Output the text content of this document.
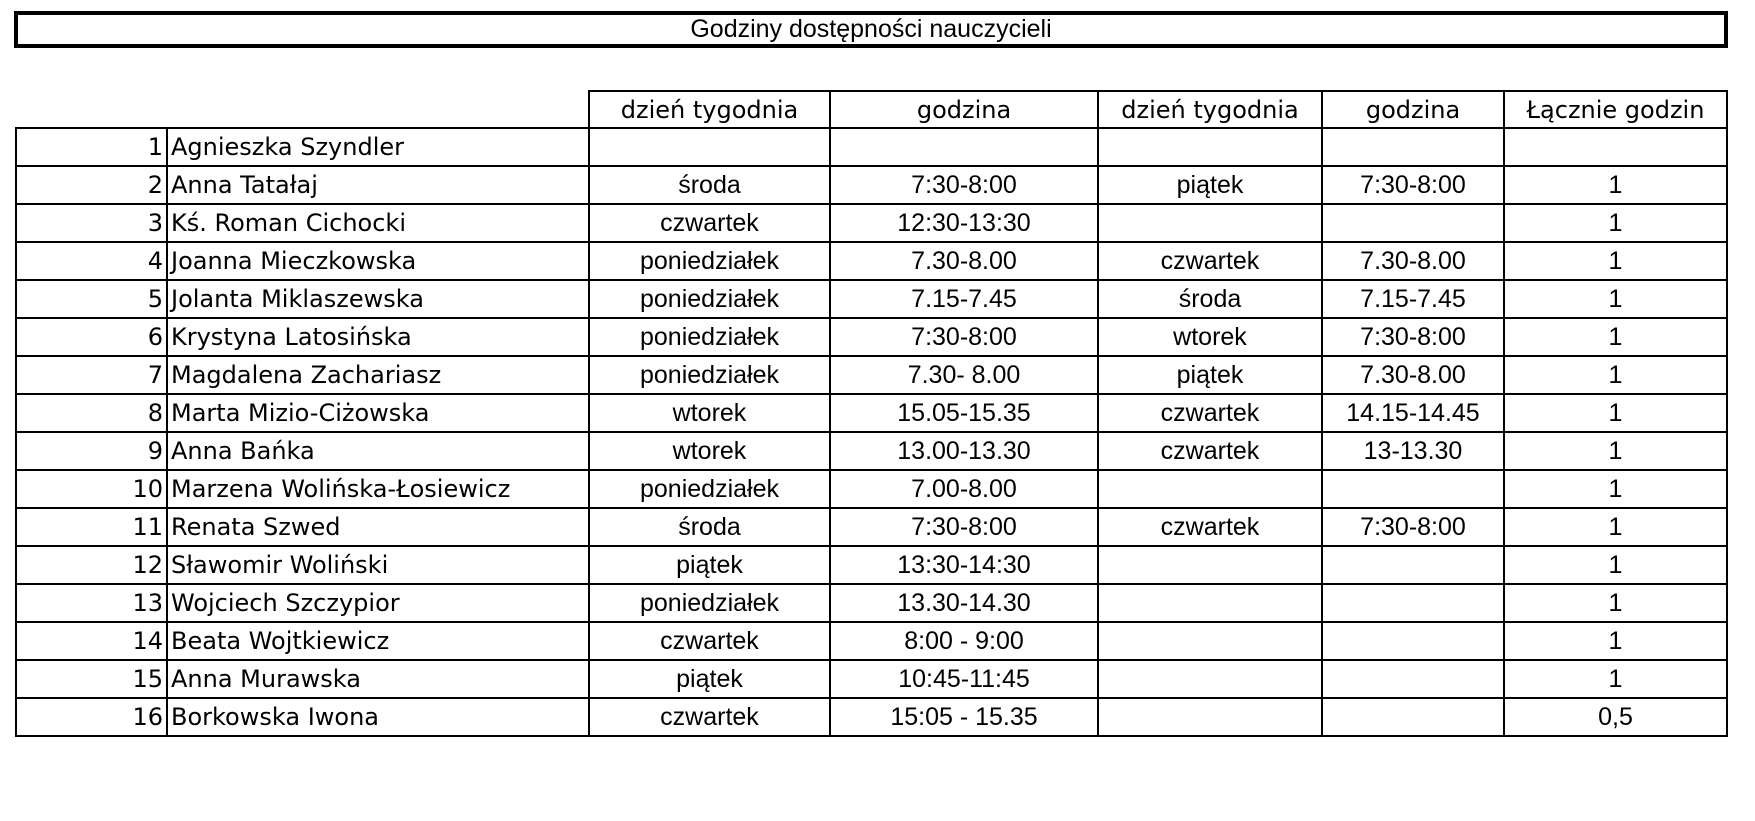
Godziny dostępności nauczycieli
		dzień tygodnia	godzina	dzień tygodnia	godzina	Łącznie godzin
1	Agnieszka Szyndler					
2	Anna Tatałaj	środa	7:30-8:00	piątek	7:30-8:00	1
3	Kś. Roman Cichocki	czwartek	12:30-13:30			1
4	Joanna Mieczkowska	poniedziałek	7.30-8.00	czwartek	7.30-8.00	1
5	Jolanta Miklaszewska	poniedziałek	7.15-7.45	środa	7.15-7.45	1
6	Krystyna Latosińska	poniedziałek	7:30-8:00	wtorek	7:30-8:00	1
7	Magdalena Zachariasz	poniedziałek	7.30- 8.00	piątek	7.30-8.00	1
8	Marta Mizio-Ciżowska	wtorek	15.05-15.35	czwartek	14.15-14.45	1
9	Anna Bańka	wtorek	13.00-13.30	czwartek	13-13.30	1
10	Marzena Wolińska-Łosiewicz	poniedziałek	7.00-8.00			1
11	Renata Szwed	środa	7:30-8:00	czwartek	7:30-8:00	1
12	Sławomir Woliński	piątek	13:30-14:30			1
13	Wojciech Szczypior	poniedziałek	13.30-14.30			1
14	Beata Wojtkiewicz	czwartek	8:00 - 9:00			1
15	Anna Murawska	piątek	10:45-11:45			1
16	Borkowska Iwona	czwartek	15:05 - 15.35			0,5
